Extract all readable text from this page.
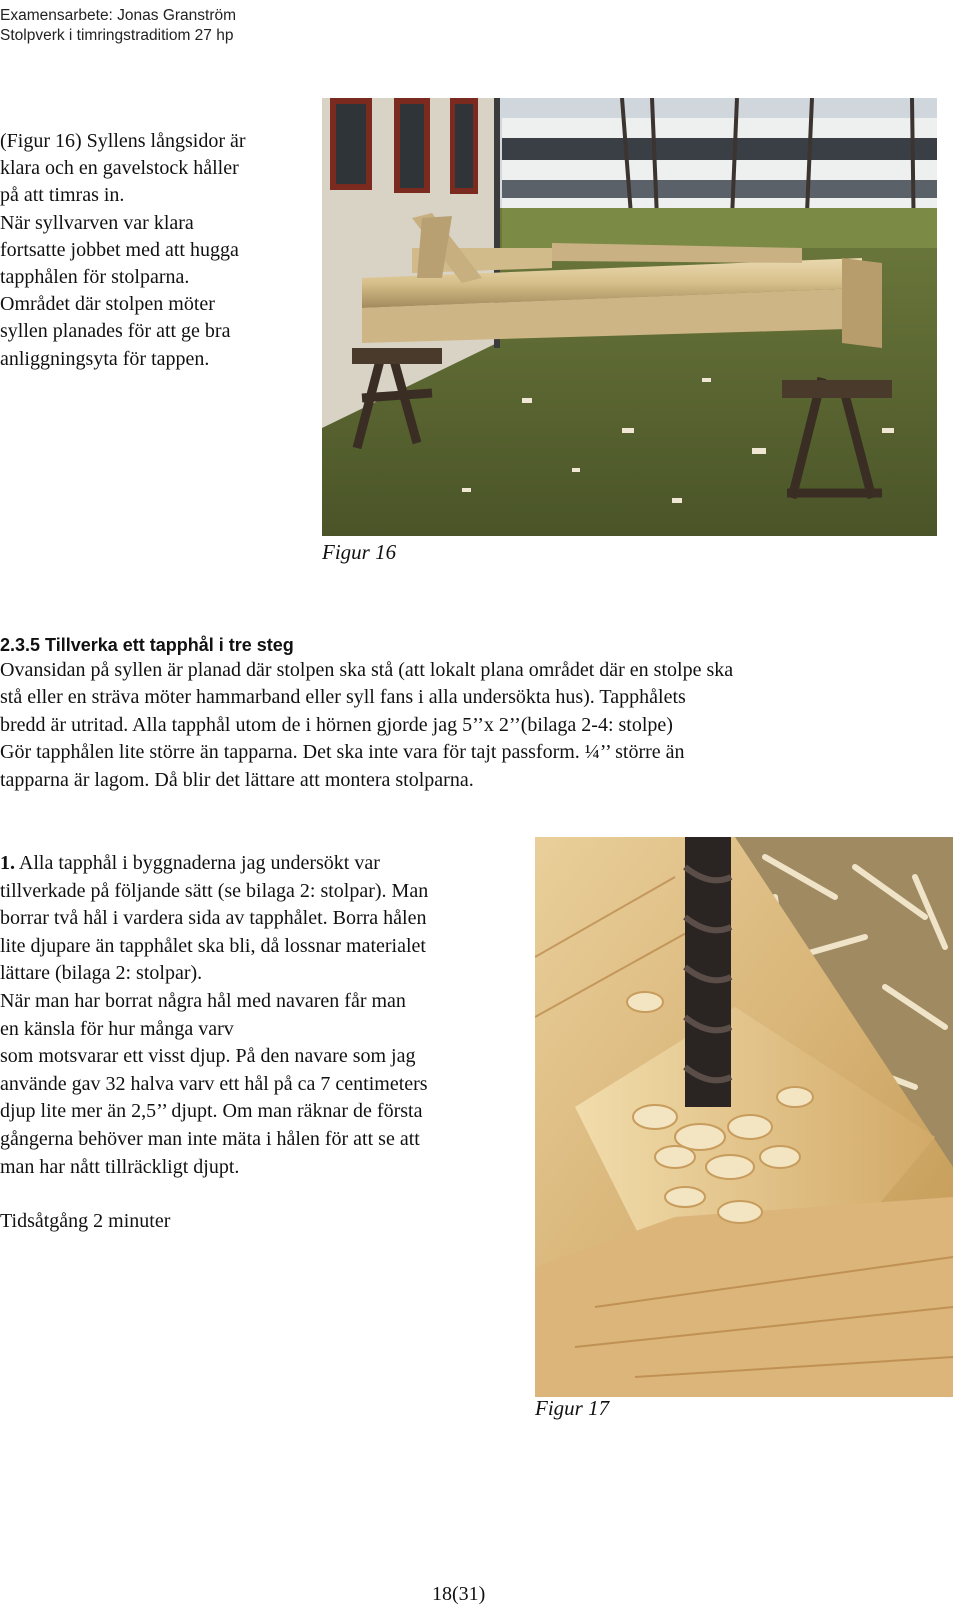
Examensarbete: Jonas Granström
Stolpverk i timringstraditiom 27 hp
(Figur 16) Syllens långsidor är
klara och en gavelstock håller
på att timras in.
När syllvarven var klara
fortsatte jobbet med att hugga
tapphålen för stolparna.
Området där stolpen möter
syllen planades för att ge bra
anliggningsyta för tappen.
Figur 16
2.3.5 Tillverka ett tapphål i tre steg
Ovansidan på syllen är planad där stolpen ska stå (att lokalt plana området där en stolpe ska
stå eller en sträva möter hammarband eller syll fans i alla undersökta hus). Tapphålets
bredd är utritad. Alla tapphål utom de i hörnen gjorde jag 5’’x 2’’(bilaga 2-4: stolpe)
Gör tapphålen lite större än tapparna. Det ska inte vara för tajt passform. ¼’’ större än
tapparna är lagom. Då blir det lättare att montera stolparna.
1. Alla tapphål i byggnaderna jag undersökt var
tillverkade på följande sätt (se bilaga 2: stolpar). Man
borrar två hål i vardera sida av tapphålet. Borra hålen
lite djupare än tapphålet ska bli, då lossnar materialet
lättare (bilaga 2: stolpar).
När man har borrat några hål med navaren får man
en känsla för hur många varv
som motsvarar ett visst djup. På den navare som jag
använde gav 32 halva varv ett hål på ca 7 centimeters
djup lite mer än 2,5’’ djupt. Om man räknar de första
gångerna behöver man inte mäta i hålen för att se att
man har nått tillräckligt djupt.
Tidsåtgång 2 minuter
Figur 17
18(31)
